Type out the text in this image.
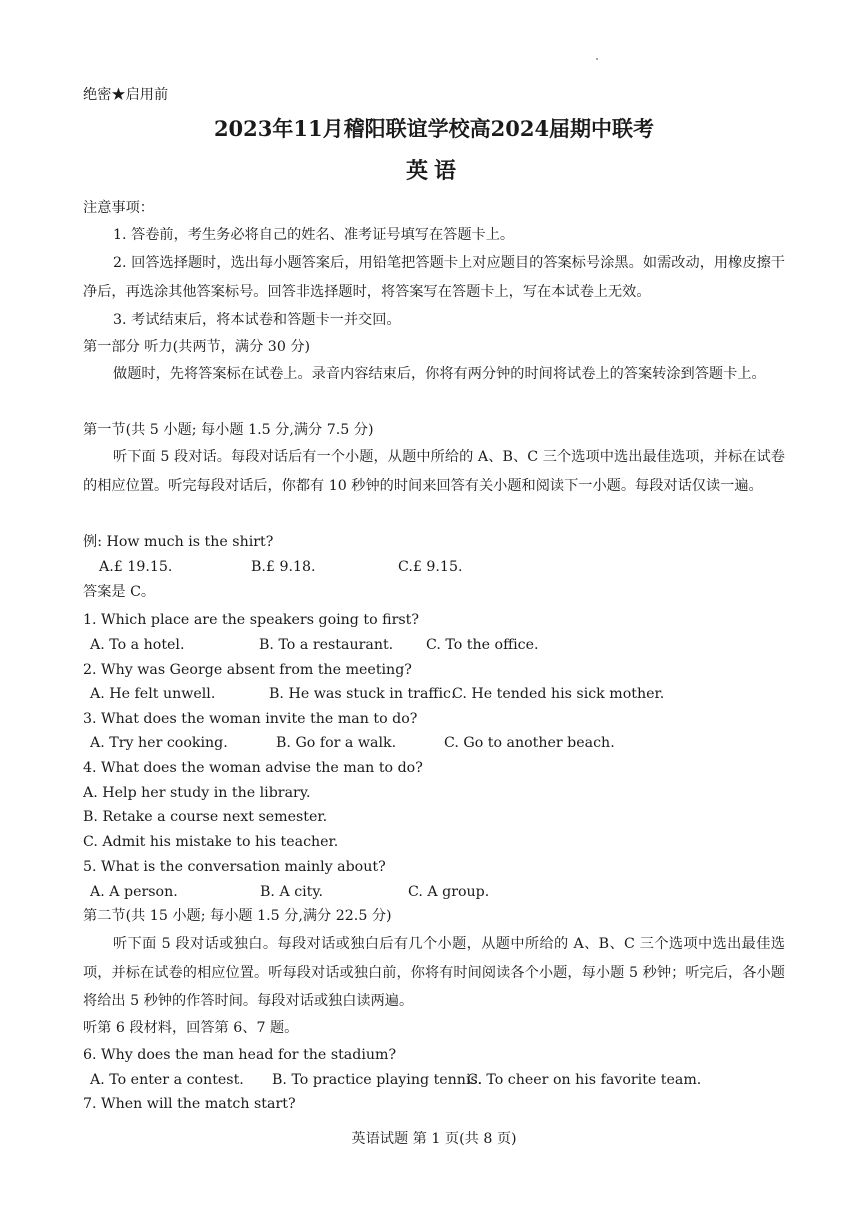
绝密★启用前
2023年11月稽阳联谊学校高2024届期中联考
英语
注意事项：
1. 答卷前，考生务必将自己的姓名、准考证号填写在答题卡上。
2. 回答选择题时，选出每小题答案后，用铅笔把答题卡上对应题目的答案标号涂黑。如需改动，用橡皮擦干净后，再选涂其他答案标号。回答非选择题时，将答案写在答题卡上，写在本试卷上无效。
3. 考试结束后，将本试卷和答题卡一并交回。
第一部分 听力(共两节，满分 30 分)
做题时，先将答案标在试卷上。录音内容结束后，你将有两分钟的时间将试卷上的答案转涂到答题卡上。
第一节(共 5 小题; 每小题 1.5 分,满分 7.5 分)
听下面 5 段对话。每段对话后有一个小题，从题中所给的 A、B、C 三个选项中选出最佳选项，并标在试卷的相应位置。听完每段对话后，你都有 10 秒钟的时间来回答有关小题和阅读下一小题。每段对话仅读一遍。
例: How much is the shirt?
A.£ 19.15.	B.£ 9.18.	C.£ 9.15.
答案是 C。
1. Which place are the speakers going to first?
A. To a hotel.	B. To a restaurant. C. To the office.
2. Why was George absent from the meeting?
A. He felt unwell.	B. He was stuck in traffic.
C. He tended his sick mother.
3. What does the woman invite the man to do?
A. Try her cooking.	B. Go for a walk.	C. Go to another beach.
4. What does the woman advise the man to do?
A. Help her study in the library.
B. Retake a course next semester.
C. Admit his mistake to his teacher.
5. What is the conversation mainly about?
A. A person.	B. A city.	C. A group.
第二节(共 15 小题; 每小题 1.5 分,满分 22.5 分)
听下面 5 段对话或独白。每段对话或独白后有几个小题，从题中所给的 A、B、C 三个选项中选出最佳选项，并标在试卷的相应位置。听每段对话或独白前，你将有时间阅读各个小题，每小题 5 秒钟；听完后，各小题将给出 5 秒钟的作答时间。每段对话或独白读两遍。
听第 6 段材料，回答第 6、7 题。
6. Why does the man head for the stadium?
A. To enter a contest. B. To practice playing tennis.
C. To cheer on his favorite team.
7. When will the match start?
英语试题 第 1 页(共 8 页)
